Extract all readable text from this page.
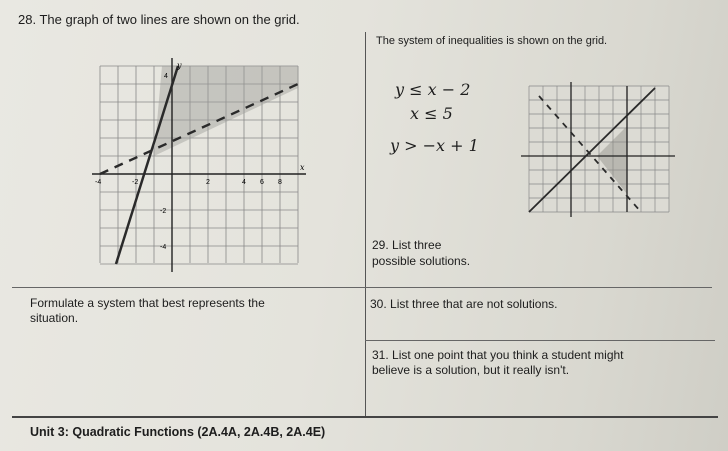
28. The graph of two lines are shown on the grid.
The system of inequalities is shown on the grid.
y ≤ x − 2
x ≤ 5
y > −x + 1
y
x
-4	-2	2	4 6 8
-2
-4
4
29. List three
possible solutions.
Formulate a system that best represents the
situation.
30. List three that are not solutions.
31. List one point that you think a student might
believe is a solution, but it really isn't.
Unit 3: Quadratic Functions (2A.4A, 2A.4B, 2A.4E)
